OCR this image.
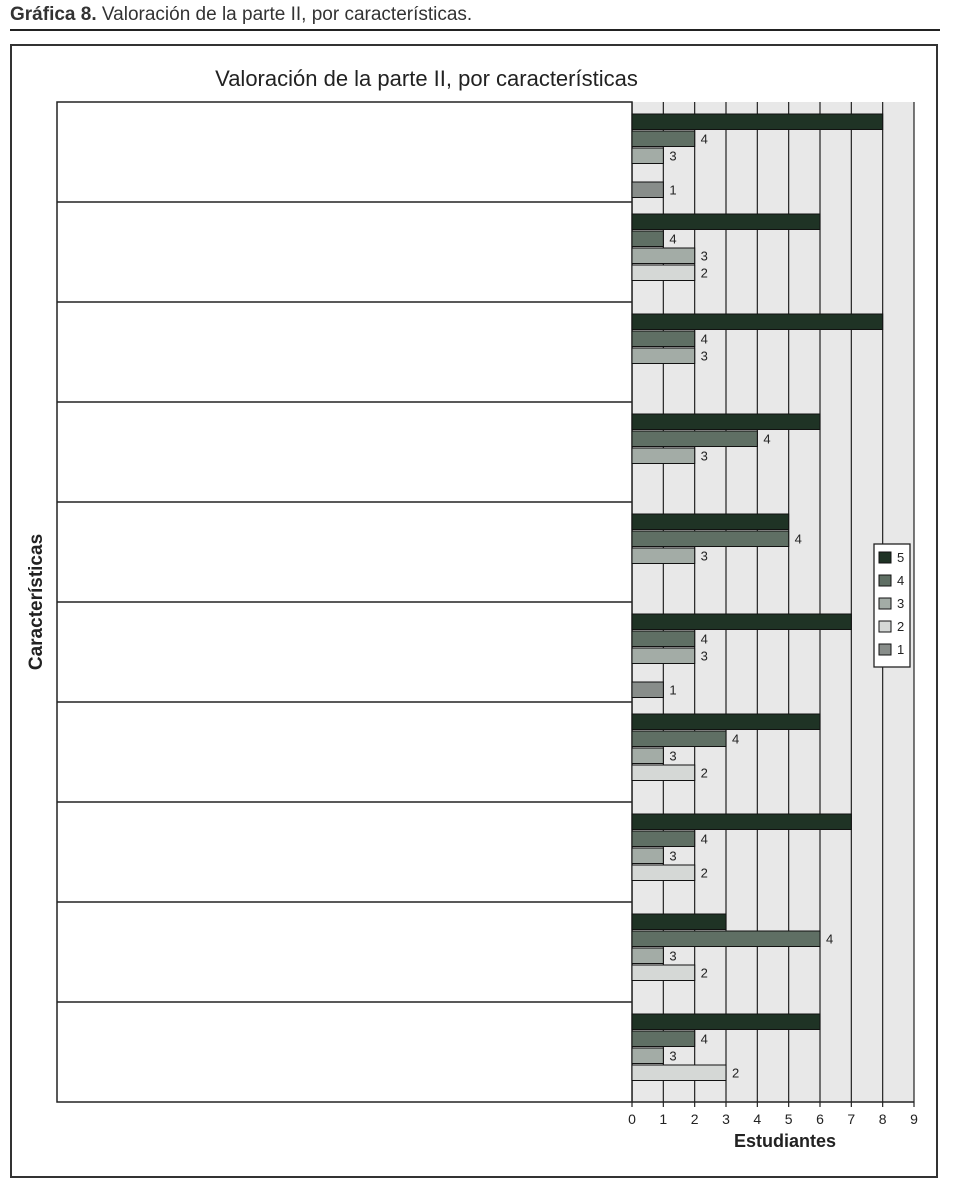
Gráfica 8. Valoración de la parte II, por características.
Valoración de la parte II, por características
Características
4
4
4
4
4
4
4
4
4
4
3
3
3
3
3
3
3
3
3
3
2
2
2
2
2
1
1
0 1 2 3 4 5 6 7 8 9
Estudiantes
5
4
3
2
1
